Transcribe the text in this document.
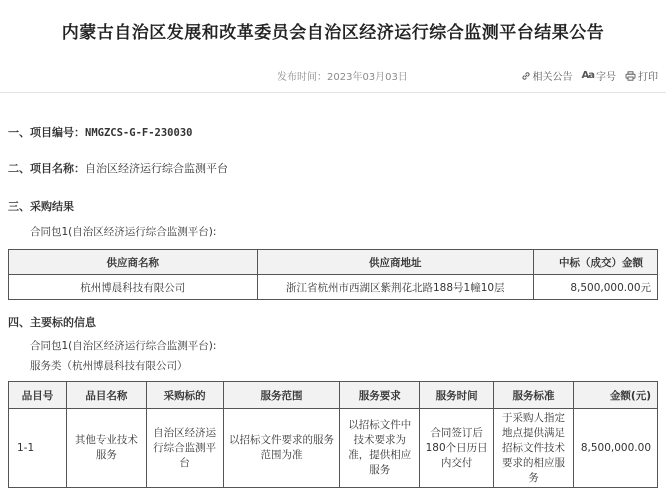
内蒙古自治区发展和改革委员会自治区经济运行综合监测平台结果公告
发布时间：2023年03月03日	相关公告 Aa 字号 打印
一、项目编号：NMGZCS-G-F-230030
二、项目名称：自治区经济运行综合监测平台
三、采购结果
合同包1(自治区经济运行综合监测平台):
供应商名称	供应商地址	中标（成交）金额
杭州博晨科技有限公司	浙江省杭州市西湖区紫荆花北路188号1幢10层	8,500,000.00元
四、主要标的信息
合同包1(自治区经济运行综合监测平台):
服务类（杭州博晨科技有限公司）
品目号	品目名称	采购标的	服务范围	服务要求	服务时间	服务标准	金额(元)
1-1	其他专业技术服务	自治区经济运行综合监测平台	以招标文件要求的服务范围为准	以招标文件中技术要求为准，提供相应服务	合同签订后180个日历日内交付	于采购人指定地点提供满足招标文件技术要求的相应服务	8,500,000.00
